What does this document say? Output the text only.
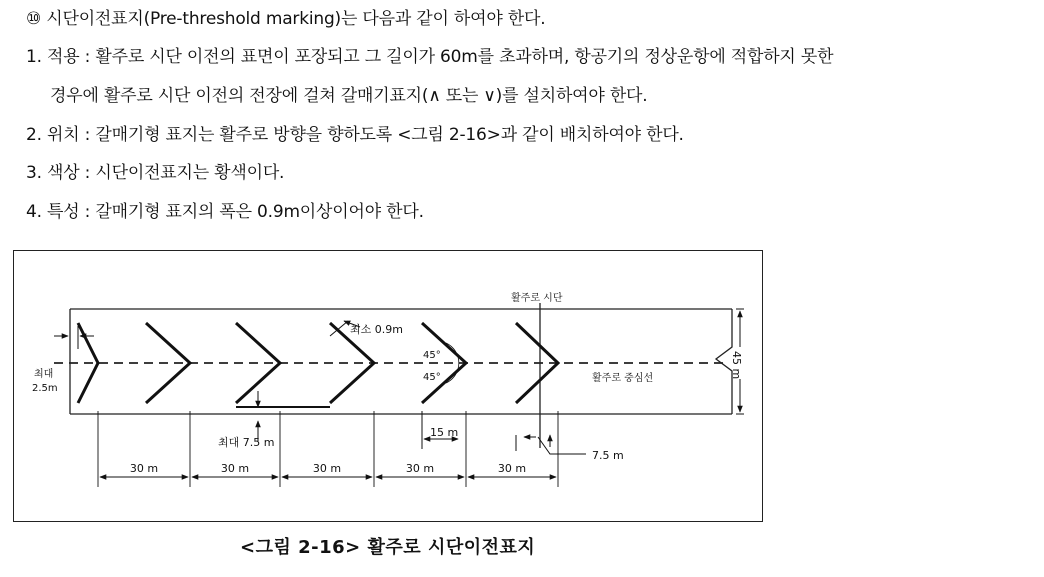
⑩ 시단이전표지(Pre-threshold marking)는 다음과 같이 하여야 한다.
1. 적용 : 활주로 시단 이전의 표면이 포장되고 그 길이가 60m를 초과하며, 항공기의 정상운항에 적합하지 못한
경우에 활주로 시단 이전의 전장에 걸쳐 갈매기표지(∧ 또는 ∨)를 설치하여야 한다.
2. 위치 : 갈매기형 표지는 활주로 방향을 향하도록 <그림 2-16>과 같이 배치하여야 한다.
3. 색상 : 시단이전표지는 황색이다.
4. 특성 : 갈매기형 표지의 폭은 0.9m이상이어야 한다.
활주로 시단
최대 7.5 m
최소 0.9m
45°
45°	활주로 중심선	45 m
최대
2.5m
15 m
7.5 m
30 m	30 m	30 m	30 m	30 m
<그림 2-16> 활주로 시단이전표지
